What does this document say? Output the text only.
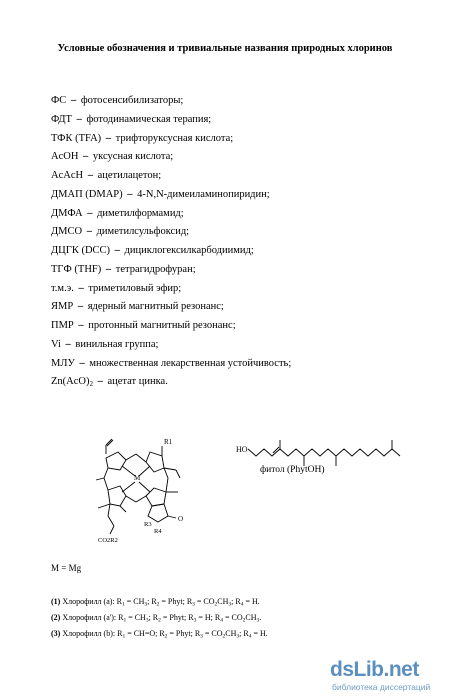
Условные обозначения и тривиальные названия природных хлоринов
ФС – фотосенсибилизаторы;
ФДТ – фотодинамическая терапия;
ТФК (TFA) – трифторуксусная кислота;
AcOH – уксусная кислота;
AcAcH – ацетилацетон;
ДМАП (DMAP) – 4-N,N-димеиламинопиридин;
ДМФА – диметилформамид;
ДМСО – диметилсульфоксид;
ДЦГК (DCC) – дициклогексилкарбодиимид;
ТГФ (THF) – тетрагидрофуран;
т.м.э. – триметиловый эфир;
ЯМР – ядерный магнитный резонанс;
ПМР – протонный магнитный резонанс;
Vi – винильная группа;
МЛУ – множественная лекарственная устойчивость;
$Zn(AcO)_2$ – ацетат цинка.
R1
M
O
R3
R4
CO2R2
HO
фитол (PhytOH)
M = Mg
(1) Хлорофилл (a): $R_1 = CH_3$; $R_2$ = Phyt; $R_3 = CO_2CH_3$; $R_4 = H$.
(2) Хлорофилл (a'): $R_1 = CH_3$; $R_2$ = Phyt; $R_3 = H$; $R_4 = CO_2CH_3$.
(3) Хлорофилл (b): $R_1 = CH=O$; $R_2$ = Phyt; $R_3 = CO_2CH_3$; $R_4 = H$.
dsLib.net
библиотека диссертаций
